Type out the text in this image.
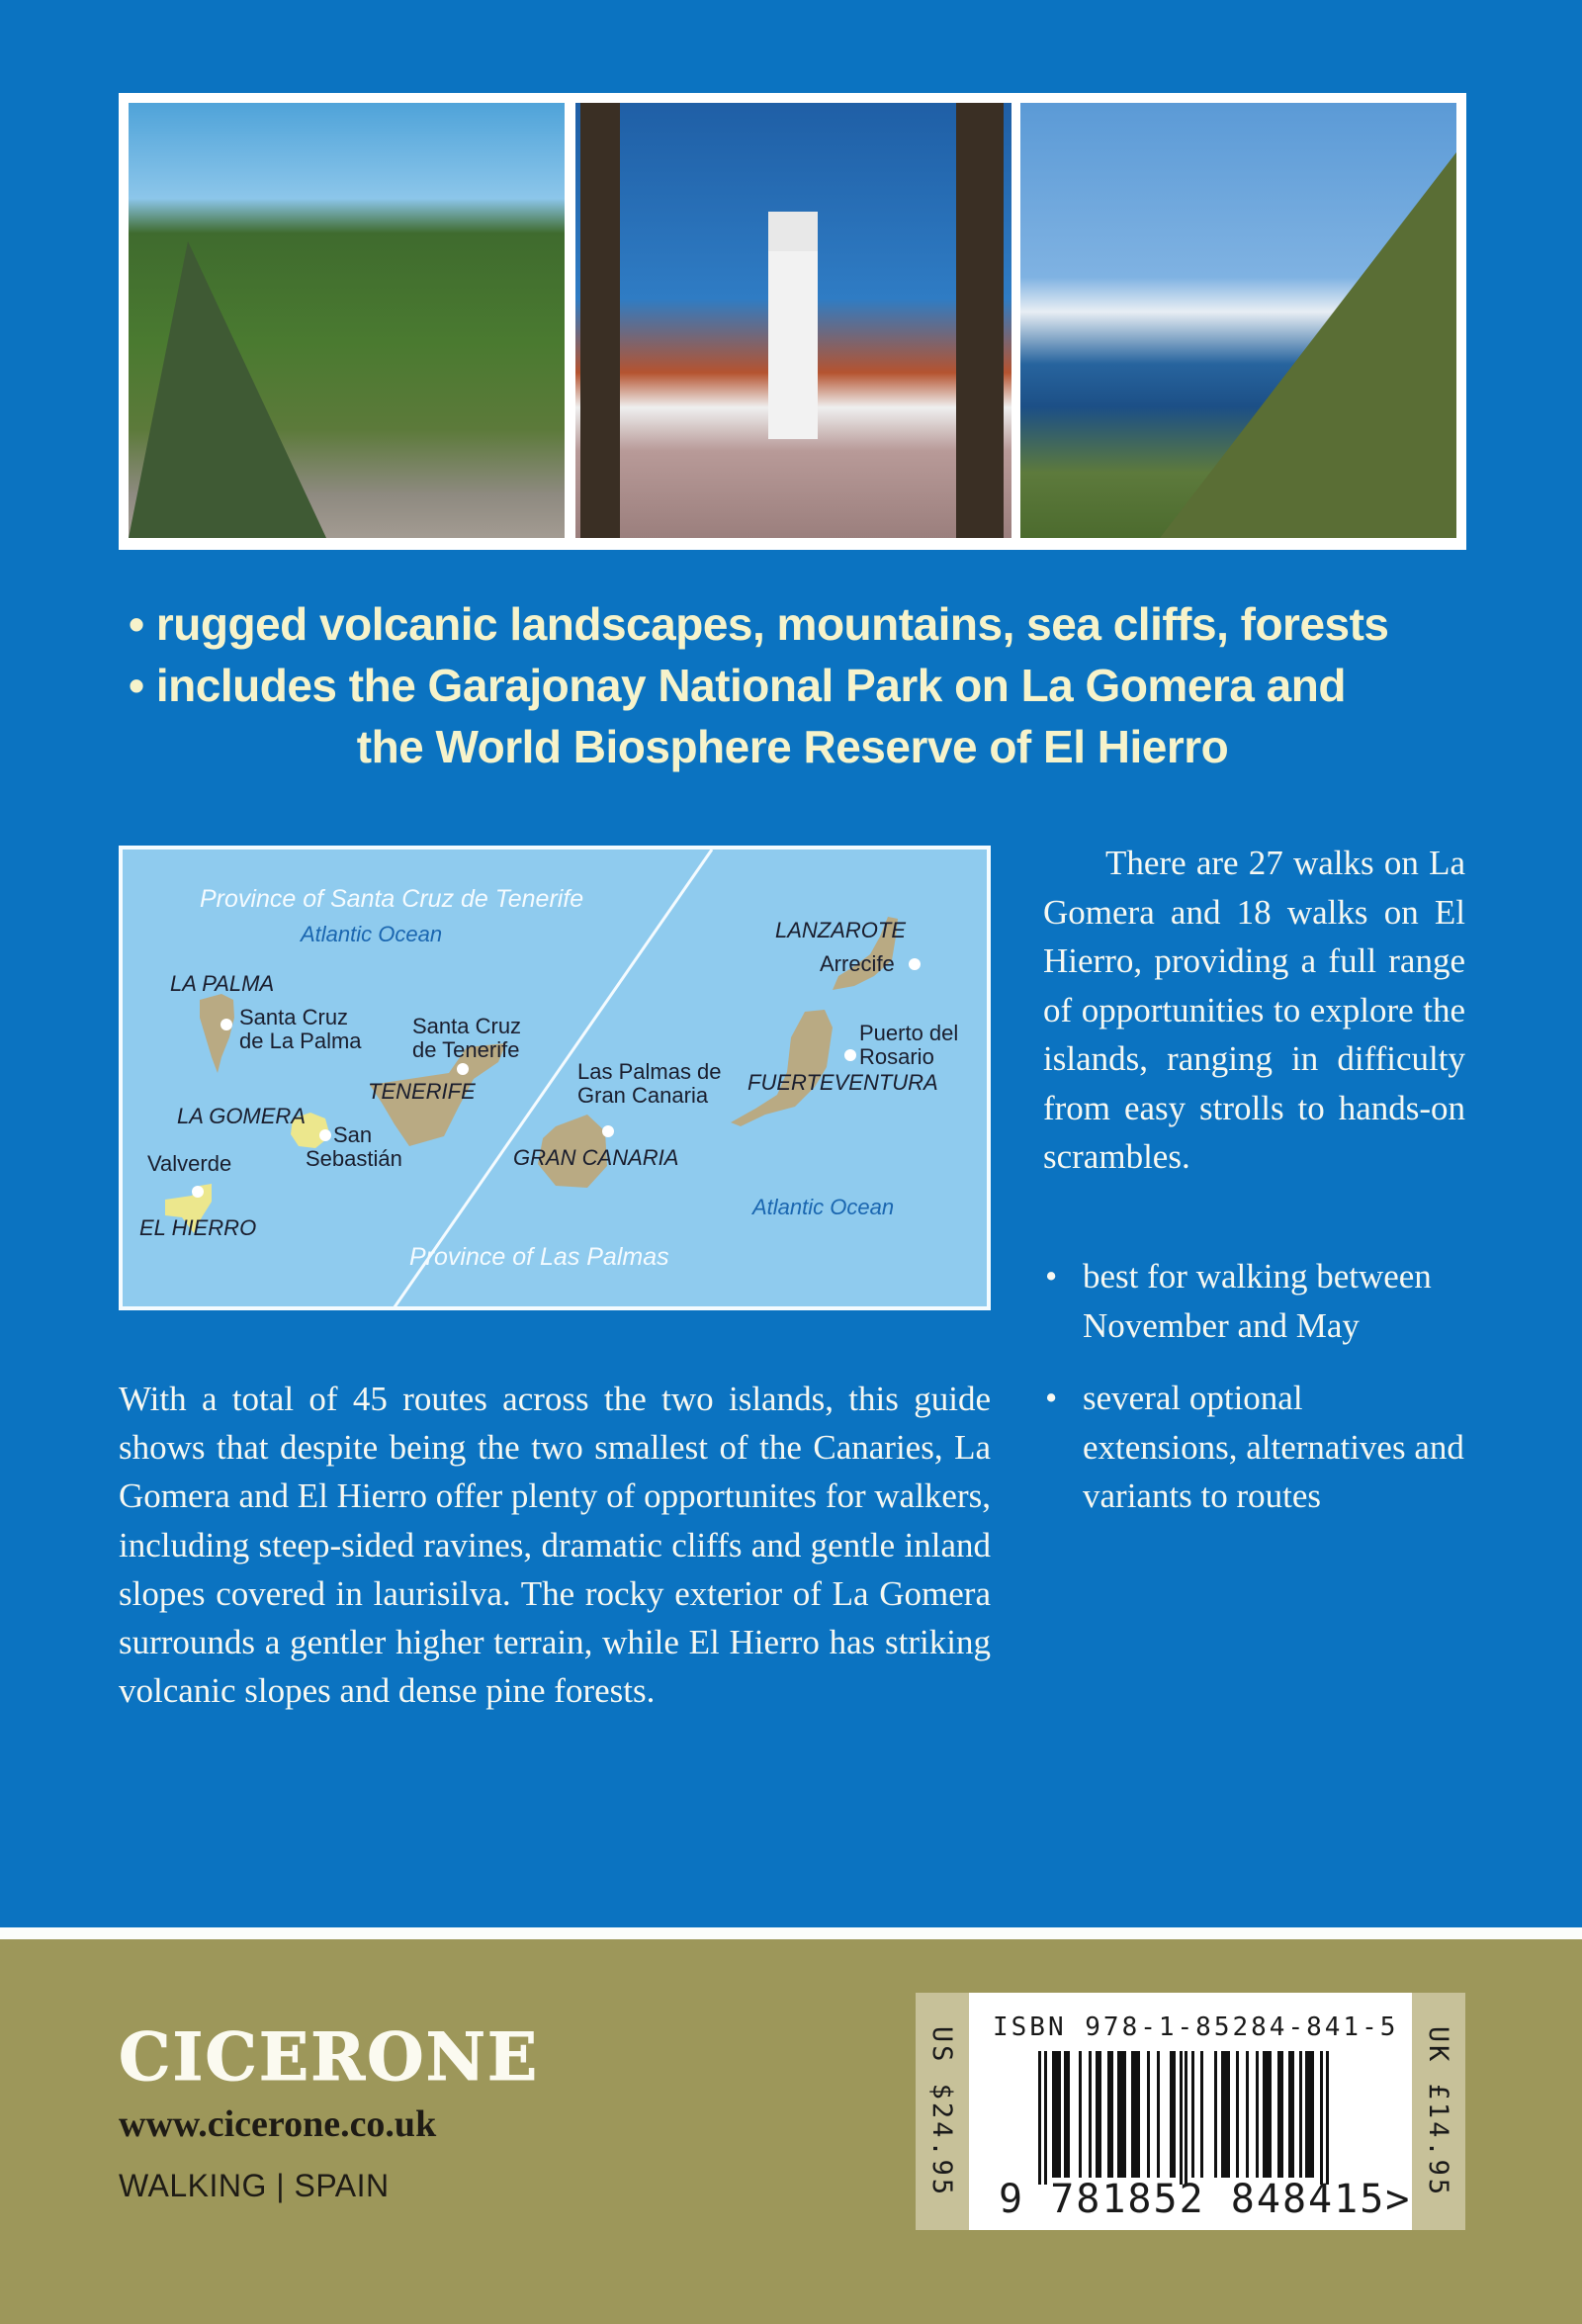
• rugged volcanic landscapes, mountains, sea cliffs, forests
• includes the Garajonay National Park on La Gomera and
the World Biosphere Reserve of El Hierro
Province of Santa Cruz de Tenerife
Atlantic Ocean
LA PALMA
Santa Cruz
de La Palma
Santa Cruz
de Tenerife
TENERIFE
LA GOMERA
San
Sebastián
Valverde
EL HIERRO
Province of Las Palmas
LANZAROTE
Arrecife
Puerto del
Rosario
FUERTEVENTURA
Las Palmas de
Gran Canaria
GRAN CANARIA
Atlantic Ocean
There are 27 walks on La Gomera and 18 walks on El Hierro, providing a full range of opportunities to explore the islands, ranging in difficulty from easy strolls to hands-on scrambles.
• best for walking between November and May
• several optional extensions, alternatives and variants to routes
With a total of 45 routes across the two islands, this guide shows that despite being the two smallest of the Canaries, La Gomera and El Hierro offer plenty of opportunites for walkers, including steep-sided ravines, dramatic cliffs and gentle inland slopes covered in laurisilva. The rocky exterior of La Gomera surrounds a gentler higher terrain, while El Hierro has striking volcanic slopes and dense pine forests.
CICERONE
www.cicerone.co.uk
WALKING | SPAIN	US $24.95 ISBN 978-1-85284-841-5
9 781852 848415>
UK £14.95
